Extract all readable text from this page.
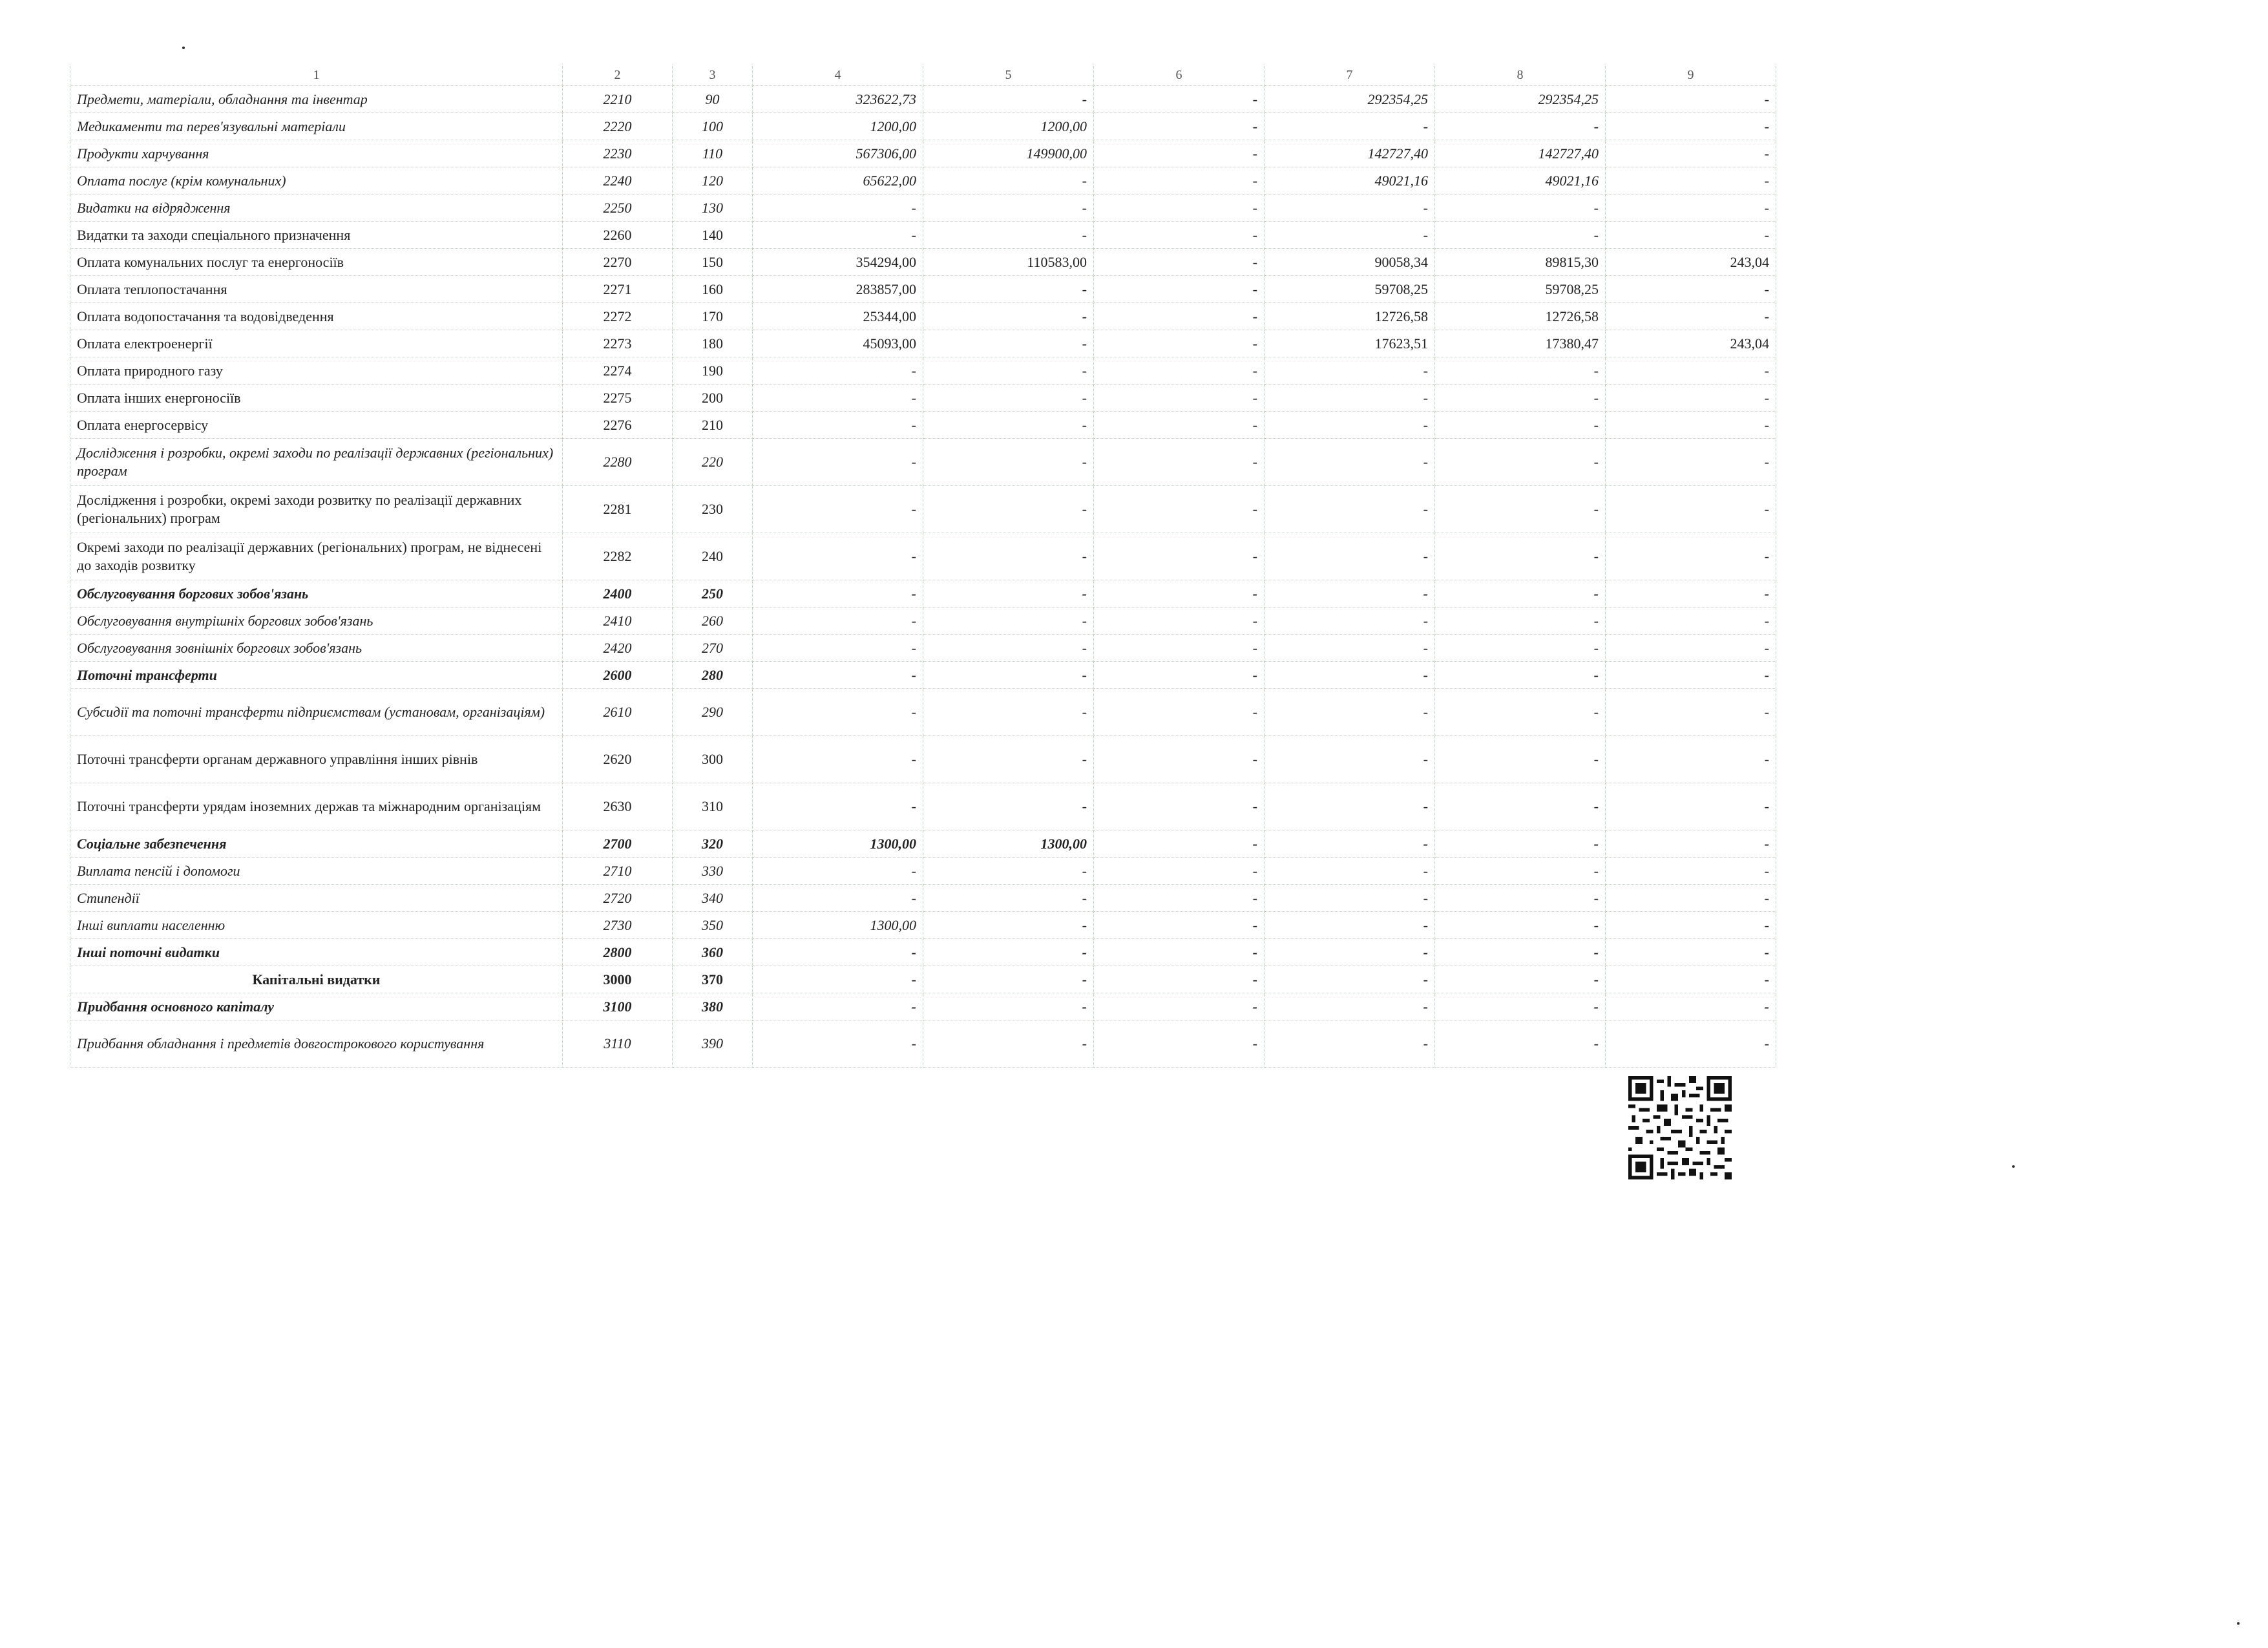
1	2	3	4	5	6	7	8	9
Предмети, матеріали, обладнання та інвентар	2210	90	323622,73	-	-	292354,25	292354,25	-
Медикаменти та перев'язувальні матеріали	2220	100	1200,00	1200,00	-	-	-	-
Продукти харчування	2230	110	567306,00	149900,00	-	142727,40	142727,40	-
Оплата послуг (крім комунальних)	2240	120	65622,00	-	-	49021,16	49021,16	-
Видатки на відрядження	2250	130	-	-	-	-	-	-
Видатки та заходи спеціального призначення	2260	140	-	-	-	-	-	-
Оплата комунальних послуг та енергоносіїв	2270	150	354294,00	110583,00	-	90058,34	89815,30	243,04
Оплата теплопостачання	2271	160	283857,00	-	-	59708,25	59708,25	-
Оплата водопостачання та водовідведення	2272	170	25344,00	-	-	12726,58	12726,58	-
Оплата електроенергії	2273	180	45093,00	-	-	17623,51	17380,47	243,04
Оплата природного газу	2274	190	-	-	-	-	-	-
Оплата інших енергоносіїв	2275	200	-	-	-	-	-	-
Оплата енергосервісу	2276	210	-	-	-	-	-	-
Дослідження і розробки, окремі заходи по реалізації державних (регіональних) програм	2280	220	-	-	-	-	-	-
Дослідження і розробки, окремі заходи розвитку по реалізації державних (регіональних) програм	2281	230	-	-	-	-	-	-
Окремі заходи по реалізації державних (регіональних) програм, не віднесені до заходів розвитку	2282	240	-	-	-	-	-	-
Обслуговування боргових зобов'язань	2400	250	-	-	-	-	-	-
Обслуговування внутрішніх боргових зобов'язань	2410	260	-	-	-	-	-	-
Обслуговування зовнішніх боргових зобов'язань	2420	270	-	-	-	-	-	-
Поточні трансферти	2600	280	-	-	-	-	-	-
Субсидії та поточні трансферти підприємствам (установам, організаціям)	2610	290	-	-	-	-	-	-
Поточні трансферти органам державного управління інших рівнів	2620	300	-	-	-	-	-	-
Поточні трансферти урядам іноземних держав та міжнародним організаціям	2630	310	-	-	-	-	-	-
Соціальне забезпечення	2700	320	1300,00	1300,00	-	-	-	-
Виплата пенсій і допомоги	2710	330	-	-	-	-	-	-
Стипендії	2720	340	-	-	-	-	-	-
Інші виплати населенню	2730	350	1300,00	-	-	-	-	-
Інші поточні видатки	2800	360	-	-	-	-	-	-
Капітальні видатки	3000	370	-	-	-	-	-	-
Придбання основного капіталу	3100	380	-	-	-	-	-	-
Придбання обладнання і предметів довгострокового користування	3110	390	-	-	-	-	-	-
